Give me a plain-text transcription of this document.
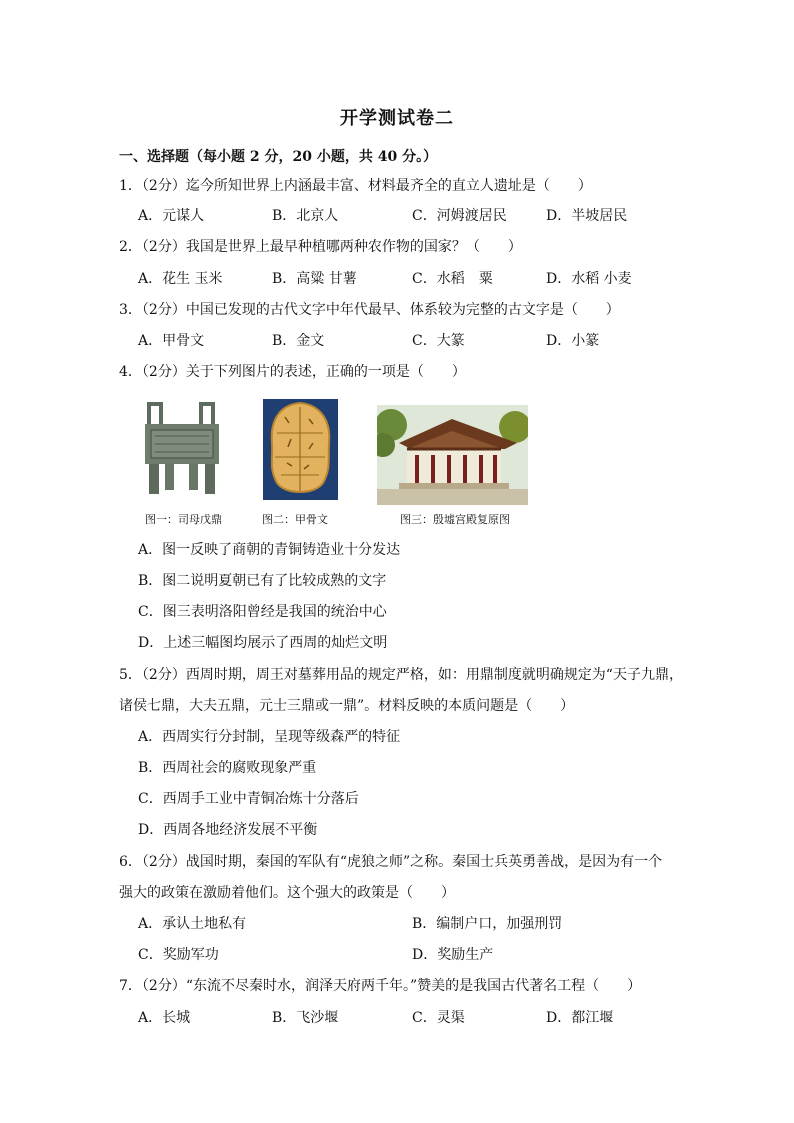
开学测试卷二
一、选择题（每小题 2 分，20 小题，共 40 分。）
1．（2分）迄今所知世界上内涵最丰富、材料最齐全的直立人遗址是（　　）
A．元谋人	B．北京人	C．河姆渡居民	D．半坡居民
2．（2分）我国是世界上最早种植哪两种农作物的国家？（　　）
A．花生 玉米	B．高粱 甘薯	C．水稻　粟	D．水稻 小麦
3．（2分）中国已发现的古代文字中年代最早、体系较为完整的古文字是（　　）
A．甲骨文	B．金文	C．大篆	D．小篆
4．（2分）关于下列图片的表述，正确的一项是（　　）
图一：司母戊鼎	图二：甲骨文	图三：殷墟宫殿复原图
A．图一反映了商朝的青铜铸造业十分发达
B．图二说明夏朝已有了比较成熟的文字
C．图三表明洛阳曾经是我国的统治中心
D．上述三幅图均展示了西周的灿烂文明
5．（2分）西周时期，周王对墓葬用品的规定严格，如：用鼎制度就明确规定为“天子九鼎，
诸侯七鼎，大夫五鼎，元士三鼎或一鼎”。材料反映的本质问题是（　　）
A．西周实行分封制，呈现等级森严的特征
B．西周社会的腐败现象严重
C．西周手工业中青铜冶炼十分落后
D．西周各地经济发展不平衡
6．（2分）战国时期，秦国的军队有“虎狼之师”之称。秦国士兵英勇善战，是因为有一个
强大的政策在激励着他们。这个强大的政策是（　　）
A．承认土地私有	B．编制户口，加强刑罚
C．奖励军功	D．奖励生产
7．（2分）“东流不尽秦时水，润泽天府两千年。”赞美的是我国古代著名工程（　　）
A．长城	B．飞沙堰	C．灵渠	D．都江堰
